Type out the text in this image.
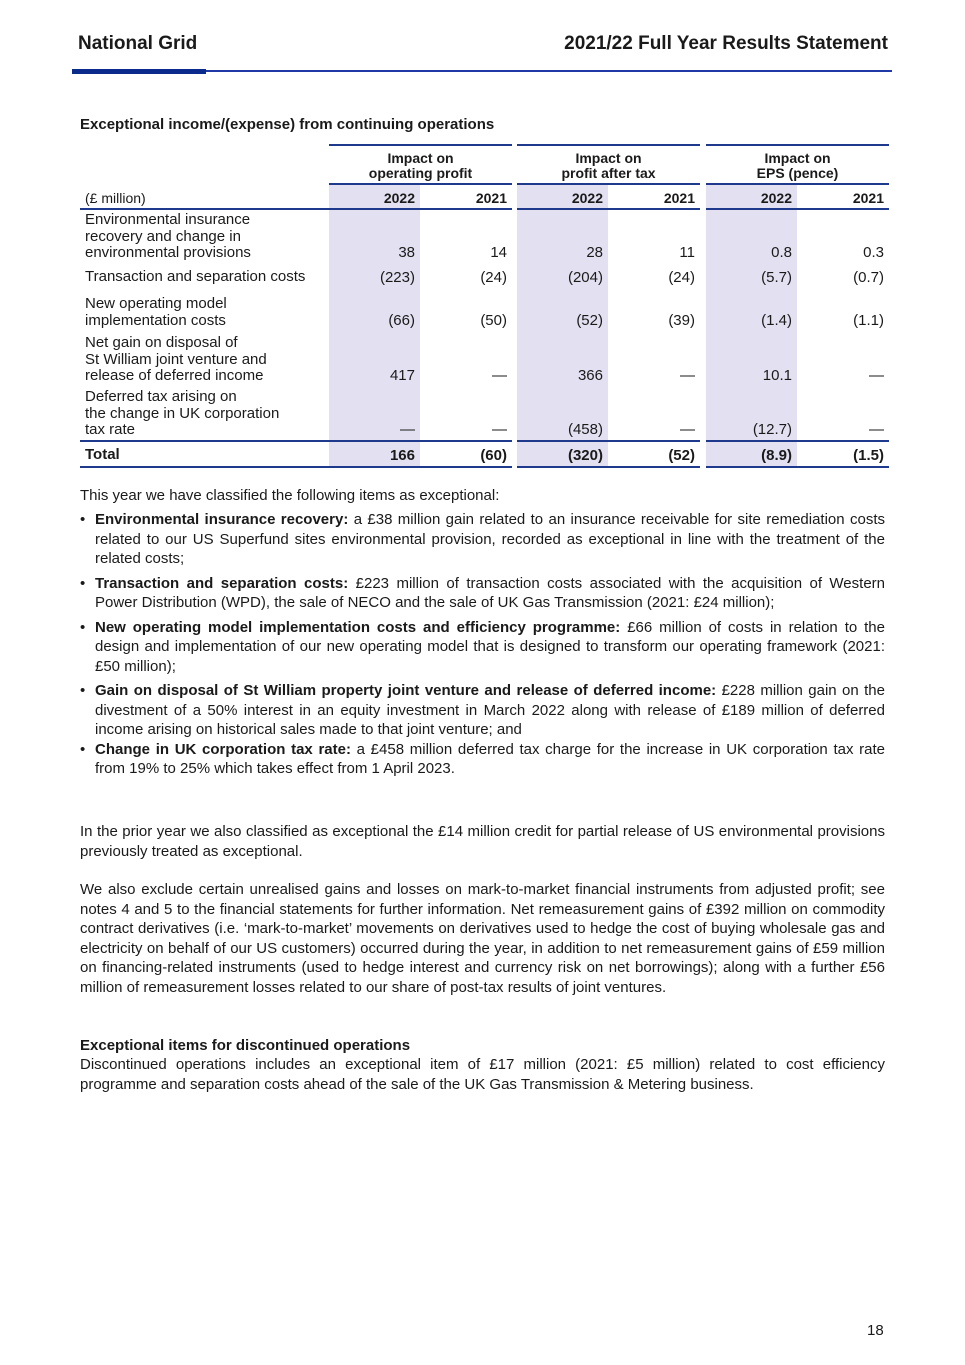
National Grid	2021/22 Full Year Results Statement
Exceptional income/(expense) from continuing operations
Impact on
operating profit
Impact on
profit after tax
Impact on
EPS (pence)
(£ million)	2022	2021	2022	2021	2022	2021
Environmental insurance
recovery and change in
environmental provisions	38	14	28	11	0.8	0.3
Transaction and separation costs	(223)	(24)	(204)	(24)	(5.7)	(0.7)
New operating model
implementation costs	(66)	(50)	(52)	(39)	(1.4)	(1.1)
Net gain on disposal of
St William joint venture and
release of deferred income	417	—	366	—	10.1	—
Deferred tax arising on
the change in UK corporation
tax rate	—	—	(458)	—	(12.7)	—
Total	166	(60)	(320)	(52)	(8.9)	(1.5)
This year we have classified the following items as exceptional:
• Environmental insurance recovery: a £38 million gain related to an insurance receivable for site remediation costs related to our US Superfund sites environmental provision, recorded as exceptional in line with the treatment of the related costs;
• Transaction and separation costs: £223 million of transaction costs associated with the acquisition of Western Power Distribution (WPD), the sale of NECO and the sale of UK Gas Transmission (2021: £24 million);
• New operating model implementation costs and efficiency programme: £66 million of costs in relation to the design and implementation of our new operating model that is designed to transform our operating framework (2021: £50 million);
• Gain on disposal of St William property joint venture and release of deferred income: £228 million gain on the divestment of a 50% interest in an equity investment in March 2022 along with release of £189 million of deferred income arising on historical sales made to that joint venture; and
• Change in UK corporation tax rate: a £458 million deferred tax charge for the increase in UK corporation tax rate from 19% to 25% which takes effect from 1 April 2023.
In the prior year we also classified as exceptional the £14 million credit for partial release of US environmental provisions previously treated as exceptional.
We also exclude certain unrealised gains and losses on mark-to-market financial instruments from adjusted profit; see notes 4 and 5 to the financial statements for further information. Net remeasurement gains of £392 million on commodity contract derivatives (i.e. ‘mark-to-market’ movements on derivatives used to hedge the cost of buying wholesale gas and electricity on behalf of our US customers) occurred during the year, in addition to net remeasurement gains of £59 million on financing-related instruments (used to hedge interest and currency risk on net borrowings); along with a further £56 million of remeasurement losses related to our share of post-tax results of joint ventures.
Exceptional items for discontinued operations
Discontinued operations includes an exceptional item of £17 million (2021: £5 million) related to cost efficiency programme and separation costs ahead of the sale of the UK Gas Transmission & Metering business.
18
